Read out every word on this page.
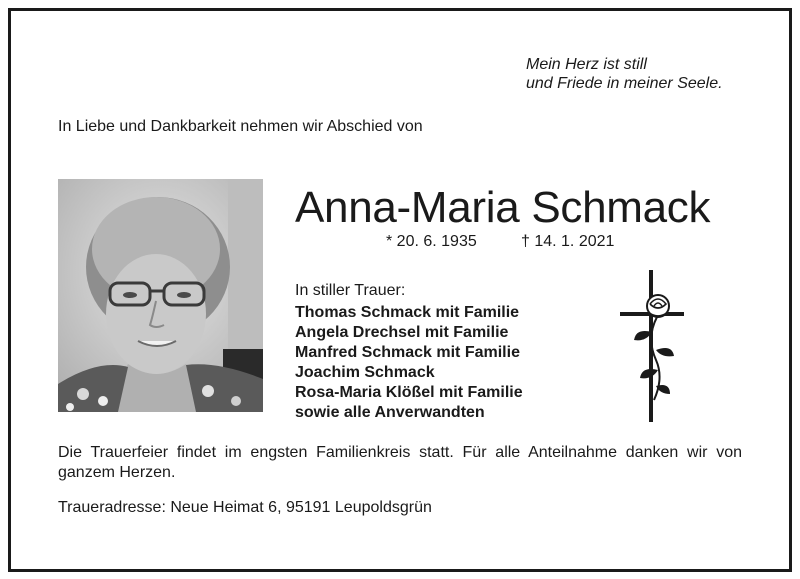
Mein Herz ist still
und Friede in meiner Seele.
In Liebe und Dankbarkeit nehmen wir Abschied von
Anna-Maria Schmack
* 20. 6. 1935	† 14. 1. 2021
In stiller Trauer:
Thomas Schmack mit Familie
Angela Drechsel mit Familie
Manfred Schmack mit Familie
Joachim Schmack
Rosa-Maria Klößel mit Familie
sowie alle Anverwandten
Die Trauerfeier findet im engsten Familienkreis statt. Für alle Anteilnahme danken wir von ganzem Herzen.
Traueradresse: Neue Heimat 6, 95191 Leupoldsgrün
